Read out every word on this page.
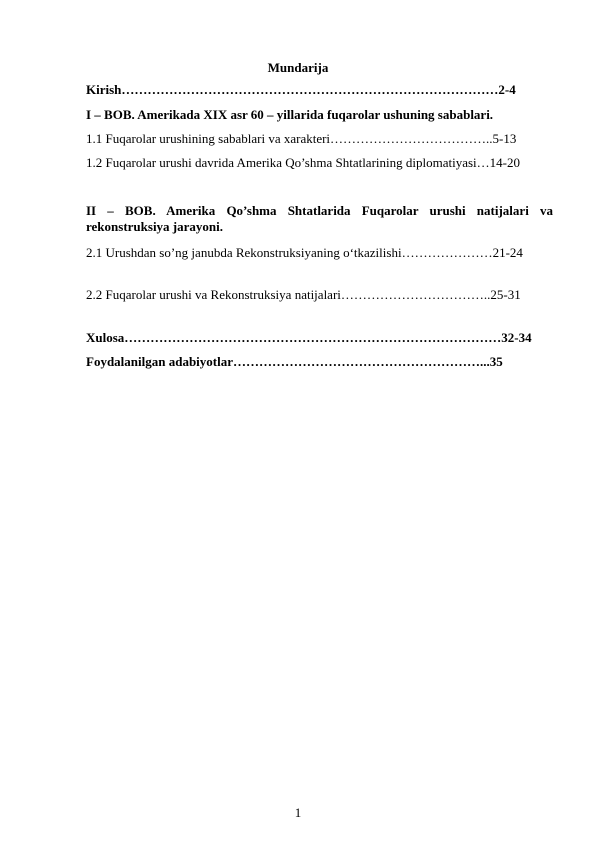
Mundarija
Kirish……………………………………………………………………………2-4
I – BOB. Amerikada XIX asr 60 – yillarida fuqarolar ushuning sabablari.
1.1 Fuqarolar urushining sabablari va xarakteri………………………………..5-13
1.2 Fuqarolar urushi davrida Amerika Qo’shma Shtatlarining diplomatiyasi…14-20
II – BOB. Amerika Qo’shma Shtatlarida Fuqarolar urushi natijalari va rekonstruksiya jarayoni.
2.1 Urushdan so’ng janubda Rekonstruksiyaning o‘tkazilishi…………………21-24
2.2 Fuqarolar urushi va Rekonstruksiya natijalari……………………………..25-31
Xulosa……………………………………………………………………………32-34
Foydalanilgan adabiyotlar…………………………………………………...35
1
